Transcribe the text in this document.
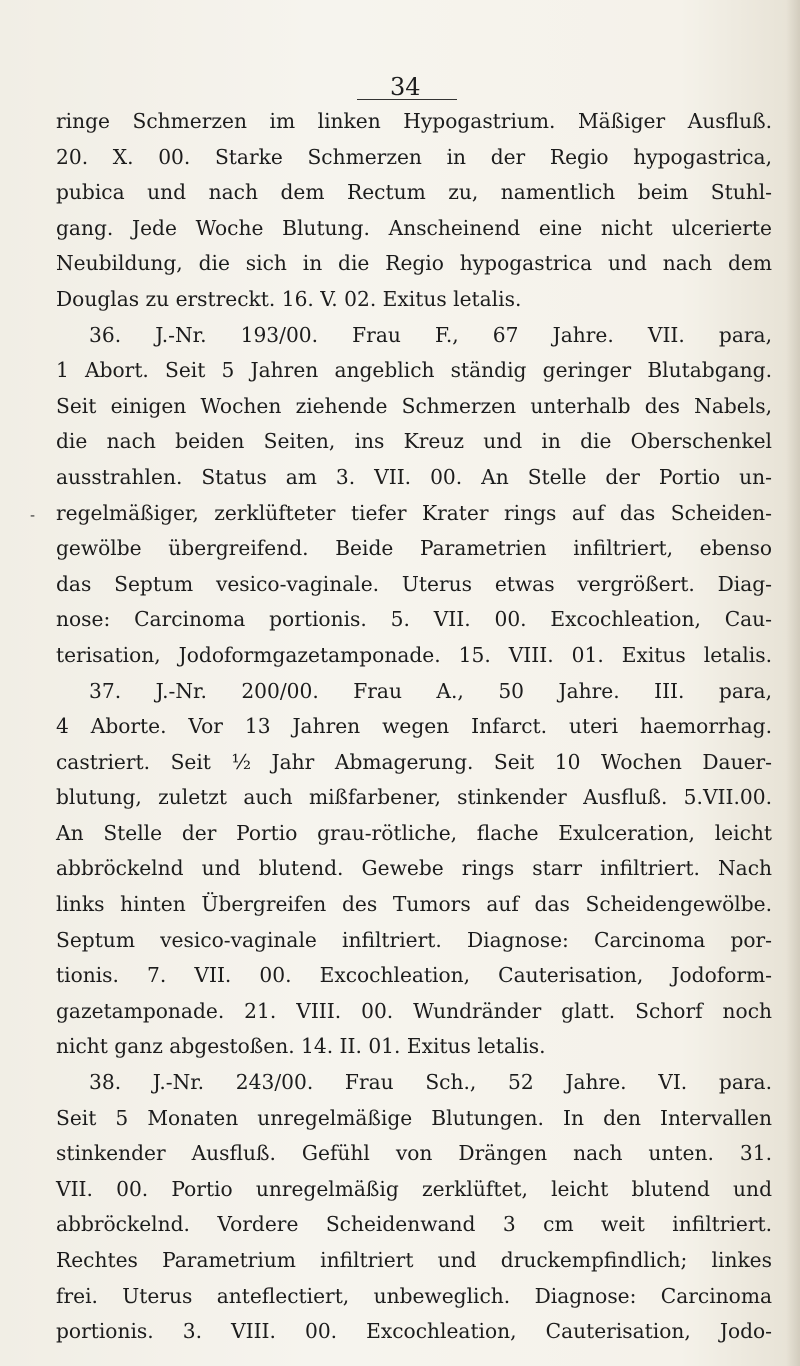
34
-
ringe Schmerzen im linken Hypogastrium. Mäßiger Ausfluß.
20. X. 00. Starke Schmerzen in der Regio hypogastrica,
pubica und nach dem Rectum zu, namentlich beim Stuhl-
gang. Jede Woche Blutung. Anscheinend eine nicht ulcerierte
Neubildung, die sich in die Regio hypogastrica und nach dem
Douglas zu erstreckt. 16. V. 02. Exitus letalis.
36. J.-Nr. 193/00. Frau F., 67 Jahre. VII. para,
1 Abort. Seit 5 Jahren angeblich ständig geringer Blutabgang.
Seit einigen Wochen ziehende Schmerzen unterhalb des Nabels,
die nach beiden Seiten, ins Kreuz und in die Oberschenkel
ausstrahlen. Status am 3. VII. 00. An Stelle der Portio un-
regelmäßiger, zerklüfteter tiefer Krater rings auf das Scheiden-
gewölbe übergreifend. Beide Parametrien infiltriert, ebenso
das Septum vesico-vaginale. Uterus etwas vergrößert. Diag-
nose: Carcinoma portionis. 5. VII. 00. Excochleation, Cau-
terisation, Jodoformgazetamponade. 15. VIII. 01. Exitus letalis.
37. J.-Nr. 200/00. Frau A., 50 Jahre. III. para,
4 Aborte. Vor 13 Jahren wegen Infarct. uteri haemorrhag.
castriert. Seit ½ Jahr Abmagerung. Seit 10 Wochen Dauer-
blutung, zuletzt auch mißfarbener, stinkender Ausfluß. 5.VII.00.
An Stelle der Portio grau-rötliche, flache Exulceration, leicht
abbröckelnd und blutend. Gewebe rings starr infiltriert. Nach
links hinten Übergreifen des Tumors auf das Scheidengewölbe.
Septum vesico-vaginale infiltriert. Diagnose: Carcinoma por-
tionis. 7. VII. 00. Excochleation, Cauterisation, Jodoform-
gazetamponade. 21. VIII. 00. Wundränder glatt. Schorf noch
nicht ganz abgestoßen. 14. II. 01. Exitus letalis.
38. J.-Nr. 243/00. Frau Sch., 52 Jahre. VI. para.
Seit 5 Monaten unregelmäßige Blutungen. In den Intervallen
stinkender Ausfluß. Gefühl von Drängen nach unten. 31.
VII. 00. Portio unregelmäßig zerklüftet, leicht blutend und
abbröckelnd. Vordere Scheidenwand 3 cm weit infiltriert.
Rechtes Parametrium infiltriert und druckempfindlich; linkes
frei. Uterus anteflectiert, unbeweglich. Diagnose: Carcinoma
portionis. 3. VIII. 00. Excochleation, Cauterisation, Jodo-
